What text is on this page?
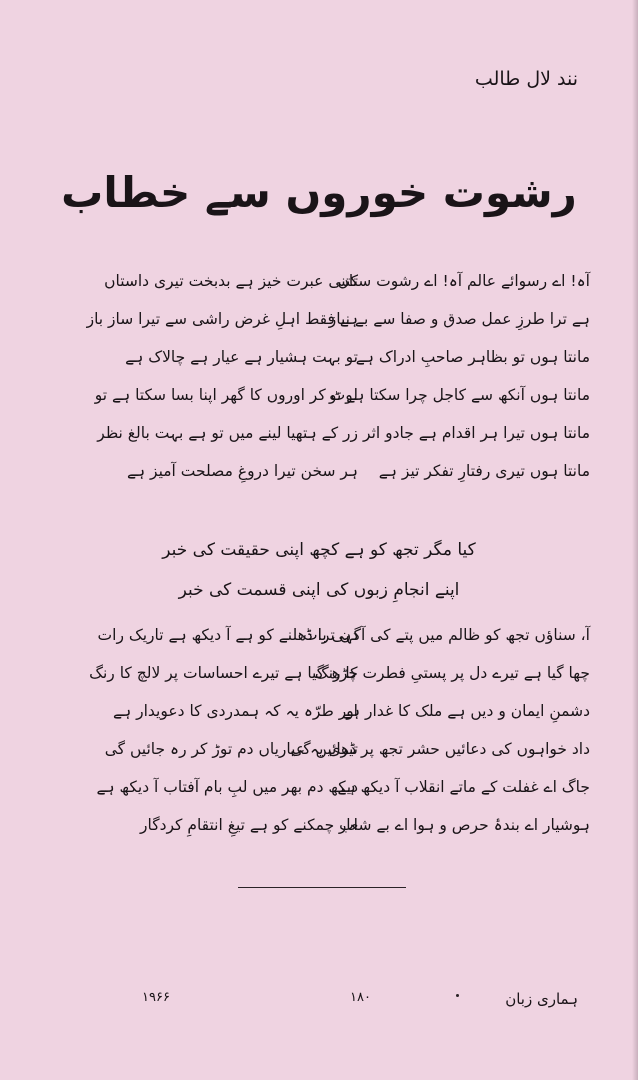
نند لال طالب
رشوت خوروں سے خطاب
آہ! اے رسوائے عالم آہ! اے رشوت ستاں
کتنی عبرت خیز ہے بدبخت تیری داستاں
ہے ترا طرزِ عمل صدق و صفا سے بے نیاز
ہے فقط اہلِ غرض راشی سے تیرا ساز باز
مانتا ہوں تو بظاہر صاحبِ ادراک ہے
تو بہت ہشیار ہے عیار ہے چالاک ہے
مانتا ہوں آنکھ سے کاجل چرا سکتا ہے تو
لوٹ کر اوروں کا گھر اپنا بسا سکتا ہے تو
مانتا ہوں تیرا ہر اقدام ہے جادو اثر
زر کے ہتھیا لینے میں تو ہے بہت بالغ نظر
مانتا ہوں تیری رفتارِ تفکر تیز ہے
ہر سخن تیرا دروغِ مصلحت آمیز ہے
کیا مگر تجھ کو ہے کچھ اپنی حقیقت کی خبر
اپنے انجامِ زبوں کی اپنی قسمت کی خبر
آ، سناؤں تجھ کو ظالم میں پتے کی آگہی بات
دن ترا ڈھلنے کو ہے آ دیکھ ہے تاریک رات
چھا گیا ہے تیرے دل پر پستیِ فطرت کا رنگ
چڑھ گیا ہے تیرے احساسات پر لالچ کا رنگ
دشمنِ ایمان و دیں ہے ملک کا غدار ہے
اور طرّہ یہ کہ ہمدردی کا دعویدار ہے
داد خواہوں کی دعائیں حشر تجھ پر ڈھائیں گی
تیری یہ عیاریاں دم توڑ کر رہ جائیں گی
جاگ اے غفلت کے ماتے انقلاب آ دیکھ ہے
دیکھ دم بھر میں لبِ بام آفتاب آ دیکھ ہے
ہوشیار اے بندۂ حرص و ہوا اے بے شعار
اب چمکنے کو ہے تیغِ انتقامِ کردگار
۱۹۶۶	۱۸۰	ہماری زبان
